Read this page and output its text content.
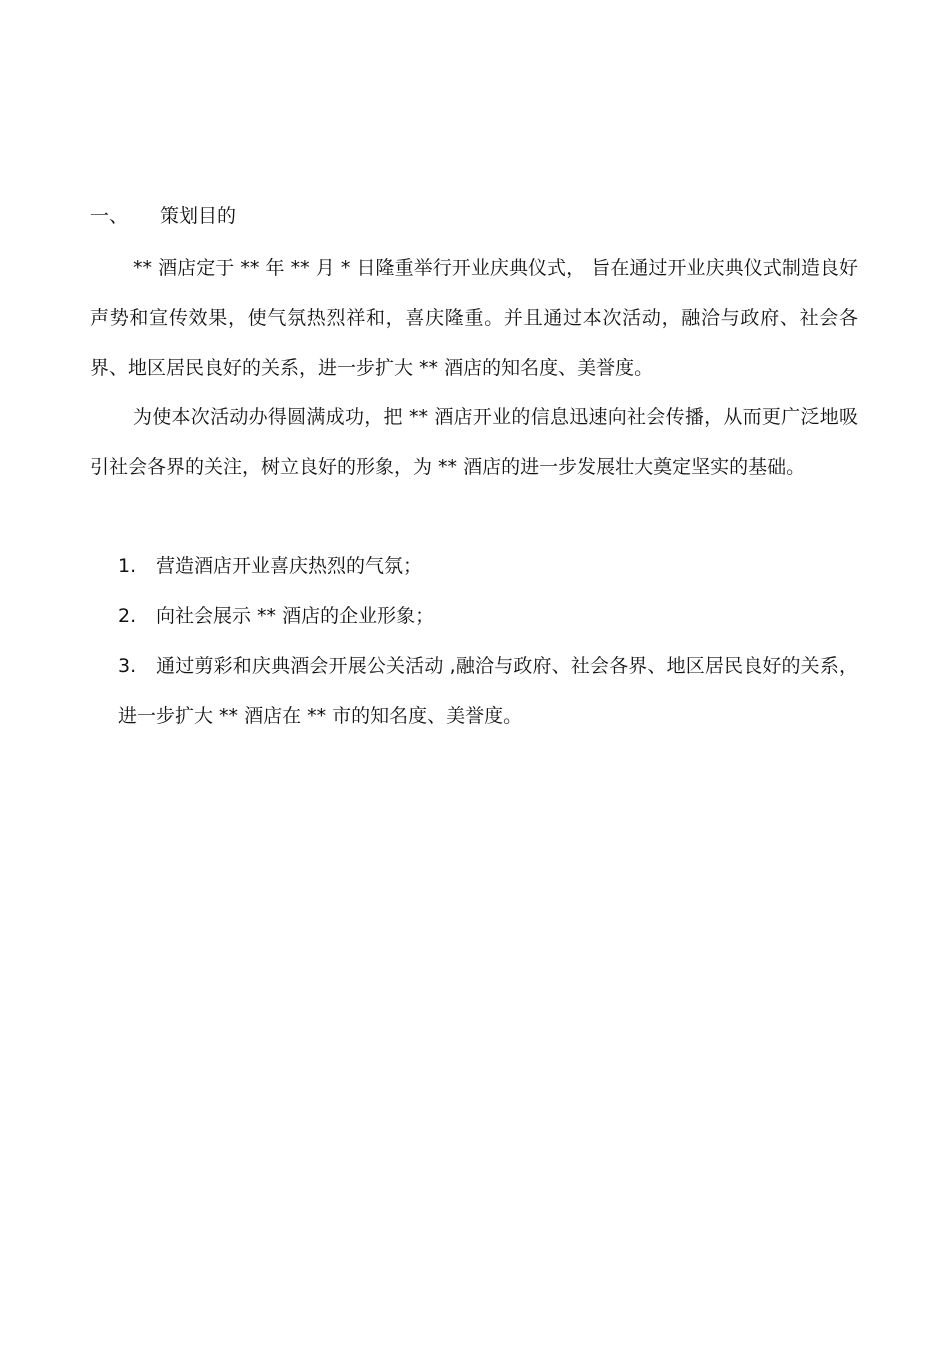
一、 策划目的

** 酒店定于 ** 年 ** 月 * 日隆重举行开业庆典仪式， 旨在通过开业庆典仪式制造良好声势和宣传效果，使气氛热烈祥和，喜庆隆重。并且通过本次活动，融洽与政府、社会各界、地区居民良好的关系，进一步扩大 ** 酒店的知名度、美誉度。

为使本次活动办得圆满成功，把 ** 酒店开业的信息迅速向社会传播，从而更广泛地吸引社会各界的关注，树立良好的形象，为 ** 酒店的进一步发展壮大奠定坚实的基础。

1. 营造酒店开业喜庆热烈的气氛；
2. 向社会展示 ** 酒店的企业形象；
3. 通过剪彩和庆典酒会开展公关活动 ,融洽与政府、社会各界、地区居民良好的关系，进一步扩大 ** 酒店在 ** 市的知名度、美誉度。
